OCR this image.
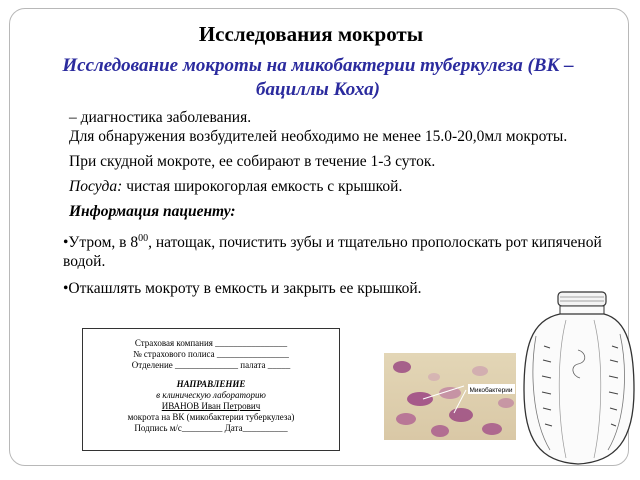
Исследования мокроты
Исследование мокроты на микобактерии туберкулеза (ВК – бациллы Коха)

– диагностика заболевания.

Для обнаружения возбудителей необходимо не менее 15.0-20,0мл мокроты.

При скудной мокроте, ее собирают в течение 1-3 суток.

Посуда: чистая широкогорлая емкость с крышкой.

Информация пациенту:

•Утром, в $8^{00}$, натощак, почистить зубы и тщательно прополоскать рот кипяченой водой.

•Откашлять мокроту в емкость и закрыть ее крышкой.

Страховая компания ________________
№ страхового полиса ________________
Отделение ______________ палата _____
НАПРАВЛЕНИЕ
в клиническую лабораторию
ИВАНОВ Иван Петрович
мокрота на ВК (микобактерии туберкулеза)
Подпись м/с_________ Дата__________
Микобактерии
